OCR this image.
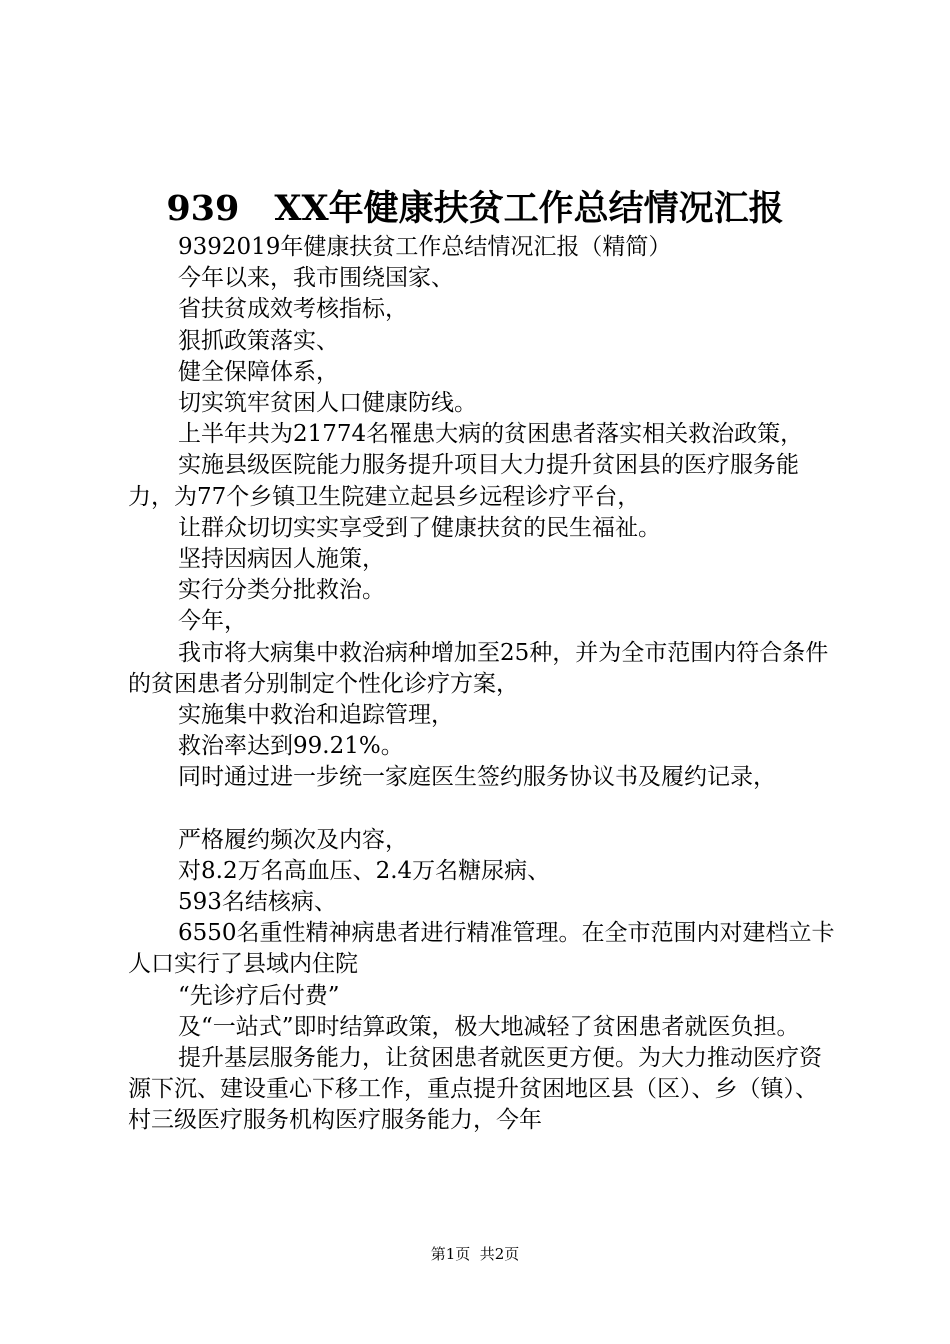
939　XX年健康扶贫工作总结情况汇报

9392019年健康扶贫工作总结情况汇报（精简）

今年以来，我市围绕国家、

省扶贫成效考核指标，

狠抓政策落实、

健全保障体系，

切实筑牢贫困人口健康防线。

上半年共为21774名罹患大病的贫困患者落实相关救治政策，

实施县级医院能力服务提升项目大力提升贫困县的医疗服务能力，为77个乡镇卫生院建立起县乡远程诊疗平台，

让群众切切实实享受到了健康扶贫的民生福祉。

坚持因病因人施策，

实行分类分批救治。

今年，

我市将大病集中救治病种增加至25种，并为全市范围内符合条件的贫困患者分别制定个性化诊疗方案，

实施集中救治和追踪管理，

救治率达到99.21%。

同时通过进一步统一家庭医生签约服务协议书及履约记录，

严格履约频次及内容，

对8.2万名高血压、2.4万名糖尿病、

593名结核病、

6550名重性精神病患者进行精准管理。在全市范围内对建档立卡人口实行了县域内住院

“先诊疗后付费”

及“一站式”即时结算政策，极大地减轻了贫困患者就医负担。

提升基层服务能力，让贫困患者就医更方便。为大力推动医疗资源下沉、建设重心下移工作，重点提升贫困地区县（区）、乡（镇）、村三级医疗服务机构医疗服务能力，今年

第1页  共2页
